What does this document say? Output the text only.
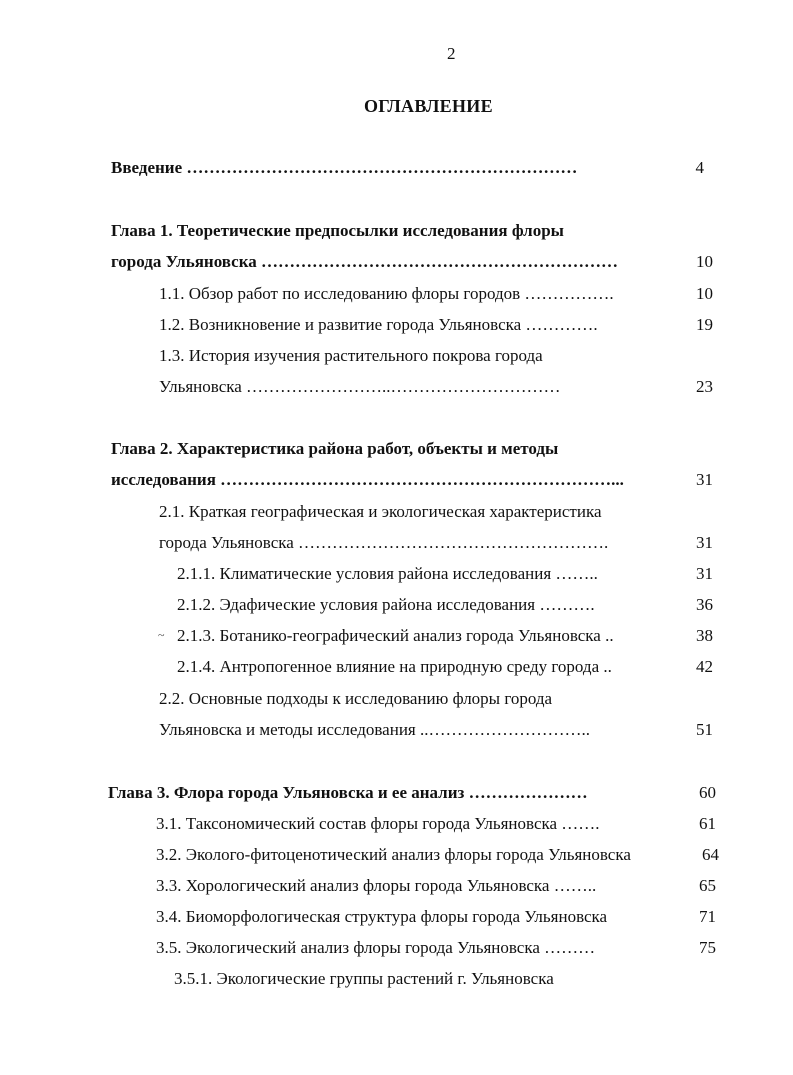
2
ОГЛАВЛЕНИЕ
Введение ……………………………………………………………	4
Глава 1. Теоретические предпосылки исследования флоры
города Ульяновска ………………………………………………………	10
1.1. Обзор работ по исследованию флоры городов …………….	10
1.2. Возникновение и развитие города Ульяновска ………….	19
1.3. История изучения растительного покрова города
Ульяновска ……………………..…………………………	23
Глава 2. Характеристика района работ, объекты и методы
исследования ……………………………………………………………...	31
2.1. Краткая географическая и экологическая характеристика
города Ульяновска ……………………………………………….	31
2.1.1. Климатические условия района исследования ……..	31
2.1.2. Эдафические условия района исследования ……….	36
~ 2.1.3. Ботанико-географический анализ города Ульяновска ..	38
2.1.4. Антропогенное влияние на природную среду города ..	42
2.2. Основные подходы к исследованию флоры города
Ульяновска и методы исследования ..………………………..	51
Глава 3. Флора города Ульяновска и ее анализ …………………	60
3.1. Таксономический состав флоры города Ульяновска …….	61
3.2. Эколого-фитоценотический анализ флоры города Ульяновска	64
3.3. Хорологический анализ флоры города Ульяновска ……..	65
3.4. Биоморфологическая структура флоры города Ульяновска	71
3.5. Экологический анализ флоры города Ульяновска ………	75
3.5.1. Экологические группы растений г. Ульяновска
